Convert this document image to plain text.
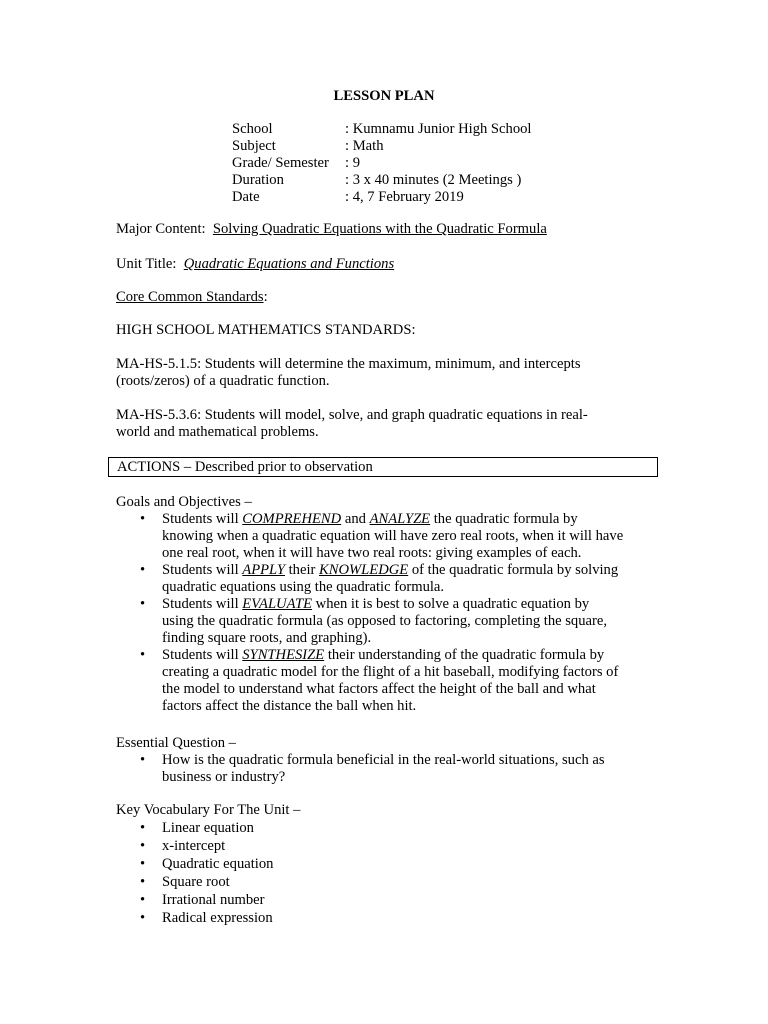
LESSON PLAN
School	: Kumnamu Junior High School
Subject	: Math
Grade/ Semester	: 9
Duration	: 3 x 40 minutes (2 Meetings )
Date	: 4, 7 February 2019
Major Content: Solving Quadratic Equations with the Quadratic Formula
Unit Title: Quadratic Equations and Functions
Core Common Standards:
HIGH SCHOOL MATHEMATICS STANDARDS:
MA-HS-5.1.5: Students will determine the maximum, minimum, and intercepts
(roots/zeros) of a quadratic function.
MA-HS-5.3.6: Students will model, solve, and graph quadratic equations in real-
world and mathematical problems.
ACTIONS – Described prior to observation
Goals and Objectives –
• Students will COMPREHEND and ANALYZE the quadratic formula by
knowing when a quadratic equation will have zero real roots, when it will have
one real root, when it will have two real roots: giving examples of each.
• Students will APPLY their KNOWLEDGE of the quadratic formula by solving
quadratic equations using the quadratic formula.
• Students will EVALUATE when it is best to solve a quadratic equation by
using the quadratic formula (as opposed to factoring, completing the square,
finding square roots, and graphing).
• Students will SYNTHESIZE their understanding of the quadratic formula by
creating a quadratic model for the flight of a hit baseball, modifying factors of
the model to understand what factors affect the height of the ball and what
factors affect the distance the ball when hit.
Essential Question –
• How is the quadratic formula beneficial in the real-world situations, such as
business or industry?
Key Vocabulary For The Unit –
• Linear equation
• x-intercept
• Quadratic equation
• Square root
• Irrational number
• Radical expression
